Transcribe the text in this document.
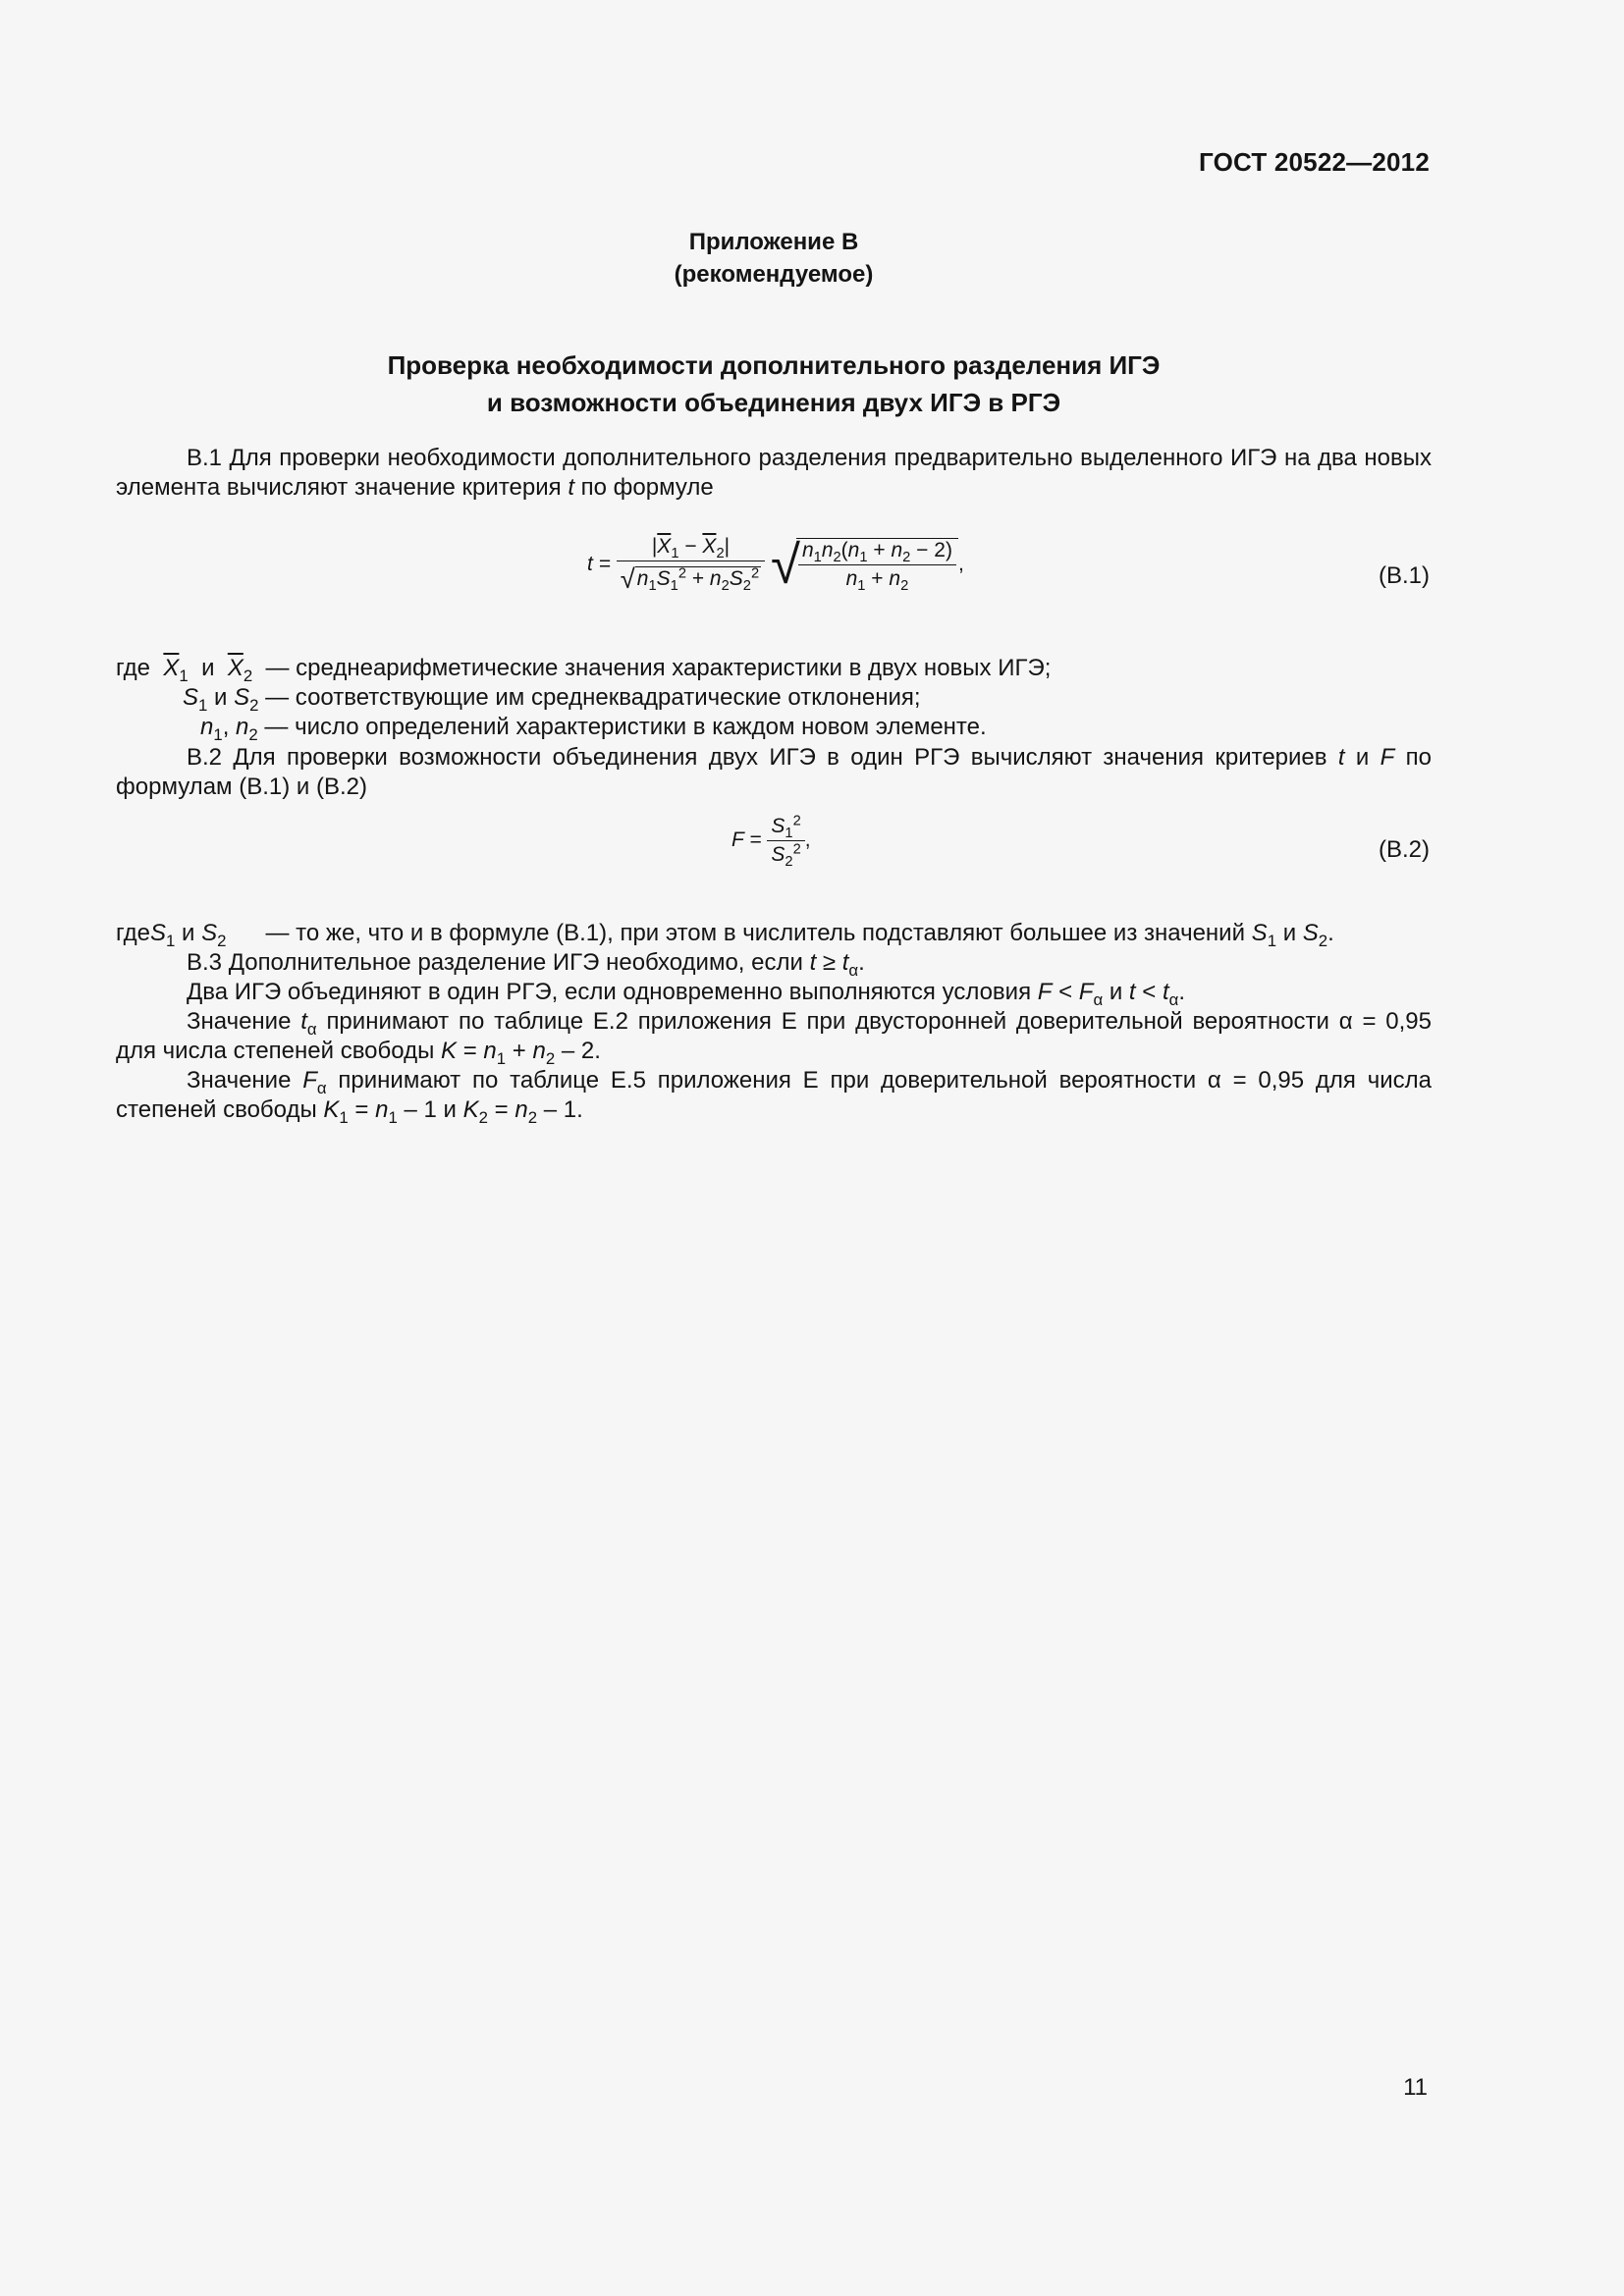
ГОСТ 20522—2012
Приложение В
(рекомендуемое)
Проверка необходимости дополнительного разделения ИГЭ
и возможности объединения двух ИГЭ в РГЭ
В.1 Для проверки необходимости дополнительного разделения предварительно выделенного ИГЭ на два новых элемента вычисляют значение критерия t по формуле
$t = \frac{|\overline{X}_1 - \overline{X}_2|}{√n_1S_1^2 + n_2S_2^2}$ √
$\frac{n_1n_2(n_1 + n_2 - 2)}{n_1 + n_2}$ ,	(В.1)
где $\overline{X}_1$  и  $\overline{X}_2$ — среднеарифметические значения характеристики в двух новых ИГЭ;
$S_1$ и $S_2$ — соответствующие им среднеквадратические отклонения;
$n_1$, $n_2$ — число определений характеристики в каждом новом элементе.
В.2 Для проверки возможности объединения двух ИГЭ в один РГЭ вычисляют значения критериев t и F по формулам (В.1) и (В.2)
$F = \frac{S_1^2}{S_2^2}$ ,	(В.2)
гдеS$_1$ и $S_2$ — то же, что и в формуле (В.1), при этом в числитель подставляют большее из значений $S_1$ и $S_2$.
В.3 Дополнительное разделение ИГЭ необходимо, если $t \ge t_\alpha$.
Два ИГЭ объединяют в один РГЭ, если одновременно выполняются условия $F < F_\alpha$ и $t < t_\alpha$.
Значение $t_\alpha$ принимают по таблице Е.2 приложения Е при двусторонней доверительной вероятности α = 0,95 для числа степеней свободы $K = n_1 + n_2 - 2$.
Значение $F_\alpha$ принимают по таблице Е.5 приложения Е при доверительной вероятности α = 0,95 для числа степеней свободы $K_1 = n_1 - 1$ и $K_2 = n_2 - 1$.
11
